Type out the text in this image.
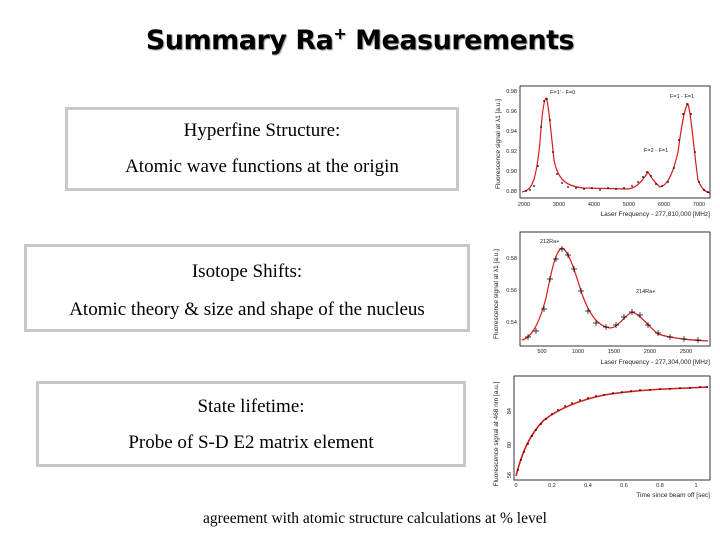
Summary Ra+ Measurements
Hyperfine Structure:
Atomic wave functions at the origin
Isotope Shifts:
Atomic theory & size and shape of the nucleus
State lifetime:
Probe of S-D E2 matrix element
Fluorescence signal at λ1 [a.u.]
0.98
0.96
0.94
0.92
0.90
0.88
2000	3000	4000	5000	6000	7000
Laser Frequency - 277,810,000 [MHz]
F=1' - F=0
F=1 - F=1
F=2 - F=1
Fluorescence signal at λ1 [a.u.] 0.58
0.56
0.54
500	1000	1500	2000	2500
Laser Frequency - 277,304,000 [MHz]
212Ra+
214Ra+
Fluorescence signal at 468 nm [a.u.] 84
80
56
0	0.2	0.4	0.6	0.8	1
Time since beam off [sec]
agreement with atomic structure calculations at % level
